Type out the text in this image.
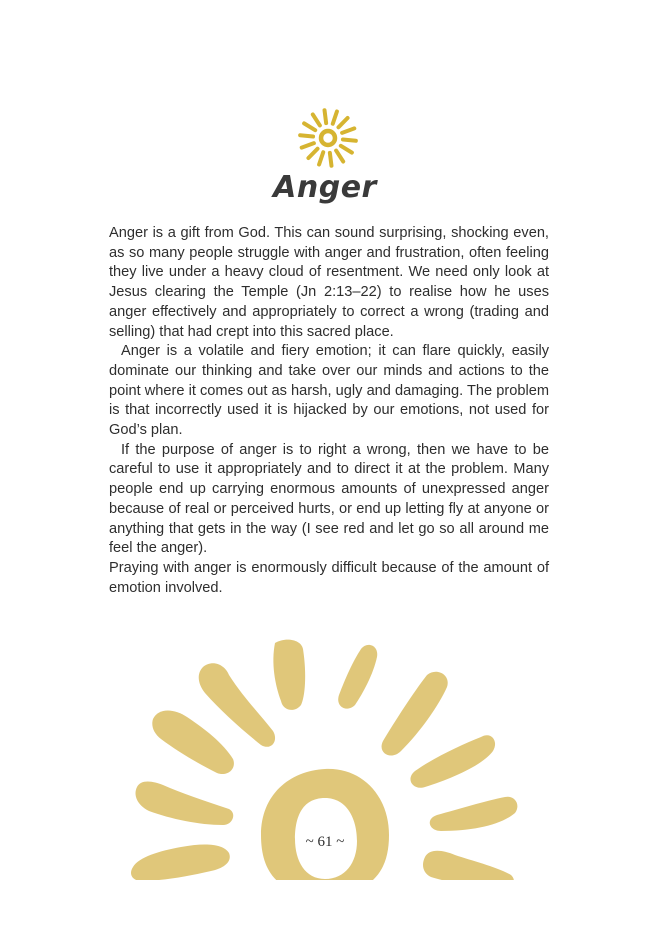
Anger

Anger is a gift from God. This can sound surprising, shocking even, as so many people struggle with anger and frustration, often feeling they live under a heavy cloud of resentment. We need only look at Jesus clearing the Temple (Jn 2:13–22) to realise how he uses anger effectively and appropriately to correct a wrong (trading and selling) that had crept into this sacred place.

Anger is a volatile and fiery emotion; it can flare quickly, easily dominate our thinking and take over our minds and actions to the point where it comes out as harsh, ugly and damaging. The problem is that incorrectly used it is hijacked by our emotions, not used for God’s plan.

If the purpose of anger is to right a wrong, then we have to be careful to use it appropriately and to direct it at the problem. Many people end up carrying enormous amounts of unexpressed anger because of real or perceived hurts, or end up letting fly at anyone or anything that gets in the way (I see red and let go so all around me feel the anger).

Praying with anger is enormously difficult because of the amount of emotion involved.

~ 61 ~
